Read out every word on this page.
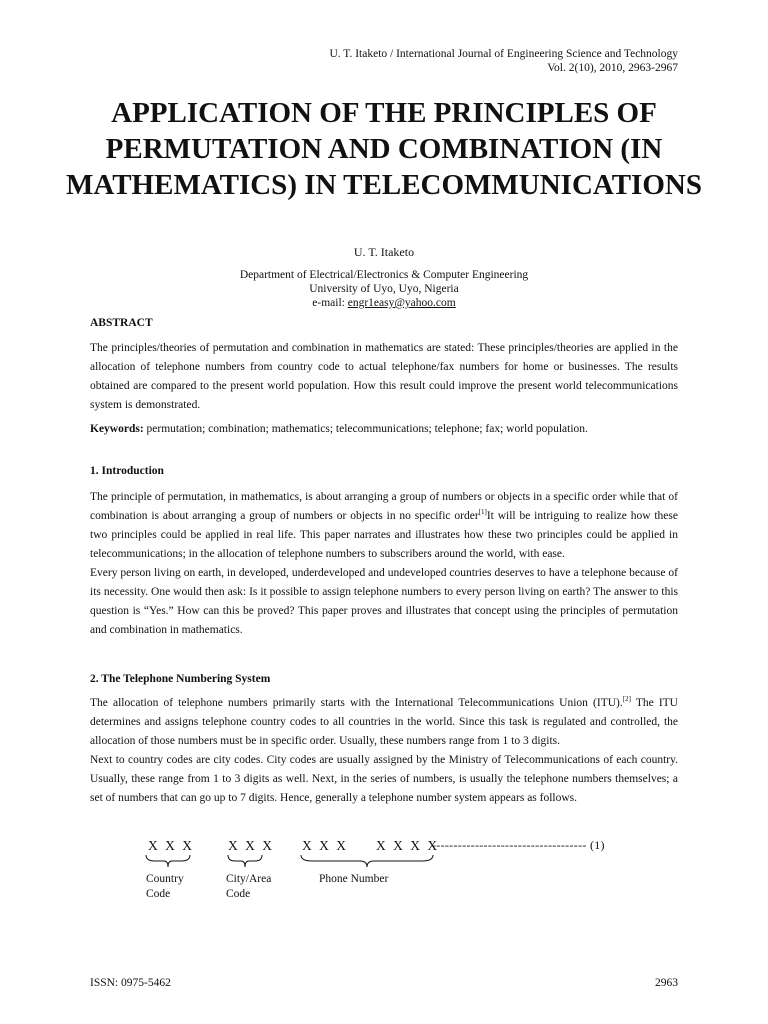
U. T. Itaketo / International Journal of Engineering Science and Technology
Vol. 2(10), 2010, 2963-2967
APPLICATION OF THE PRINCIPLES OF PERMUTATION AND COMBINATION (IN MATHEMATICS) IN TELECOMMUNICATIONS
U. T. Itaketo
Department of Electrical/Electronics & Computer Engineering
University of Uyo, Uyo, Nigeria
e-mail: engr1easy@yahoo.com
ABSTRACT

The principles/theories of permutation and combination in mathematics are stated: These principles/theories are applied in the allocation of telephone numbers from country code to actual telephone/fax numbers for home or businesses. The results obtained are compared to the present world population. How this result could improve the present world telecommunications system is demonstrated.

Keywords: permutation; combination; mathematics; telecommunications; telephone; fax; world population.

1. Introduction

The principle of permutation, in mathematics, is about arranging a group of numbers or objects in a specific order while that of combination is about arranging a group of numbers or objects in no specific order[1]It will be intriguing to realize how these two principles could be applied in real life. This paper narrates and illustrates how these two principles could be applied in telecommunications; in the allocation of telephone numbers to subscribers around the world, with ease.

Every person living on earth, in developed, underdeveloped and undeveloped countries deserves to have a telephone because of its necessity. One would then ask: Is it possible to assign telephone numbers to every person living on earth? The answer to this question is “Yes.” How can this be proved? This paper proves and illustrates that concept using the principles of permutation and combination in mathematics.

2. The Telephone Numbering System

The allocation of telephone numbers primarily starts with the International Telecommunications Union (ITU).[2] The ITU determines and assigns telephone country codes to all countries in the world. Since this task is regulated and controlled, the allocation of those numbers must be in specific order. Usually, these numbers range from 1 to 3 digits.

Next to country codes are city codes. City codes are usually assigned by the Ministry of Telecommunications of each country. Usually, these range from 1 to 3 digits as well. Next, in the series of numbers, is usually the telephone numbers themselves; a set of numbers that can go up to 7 digits. Hence, generally a telephone number system appears as follows.

X X X	X X X X X X X X X X
------------------------------------ (1)
Country
Code
City/Area
Code
Phone Number
ISSN: 0975-5462	2963
